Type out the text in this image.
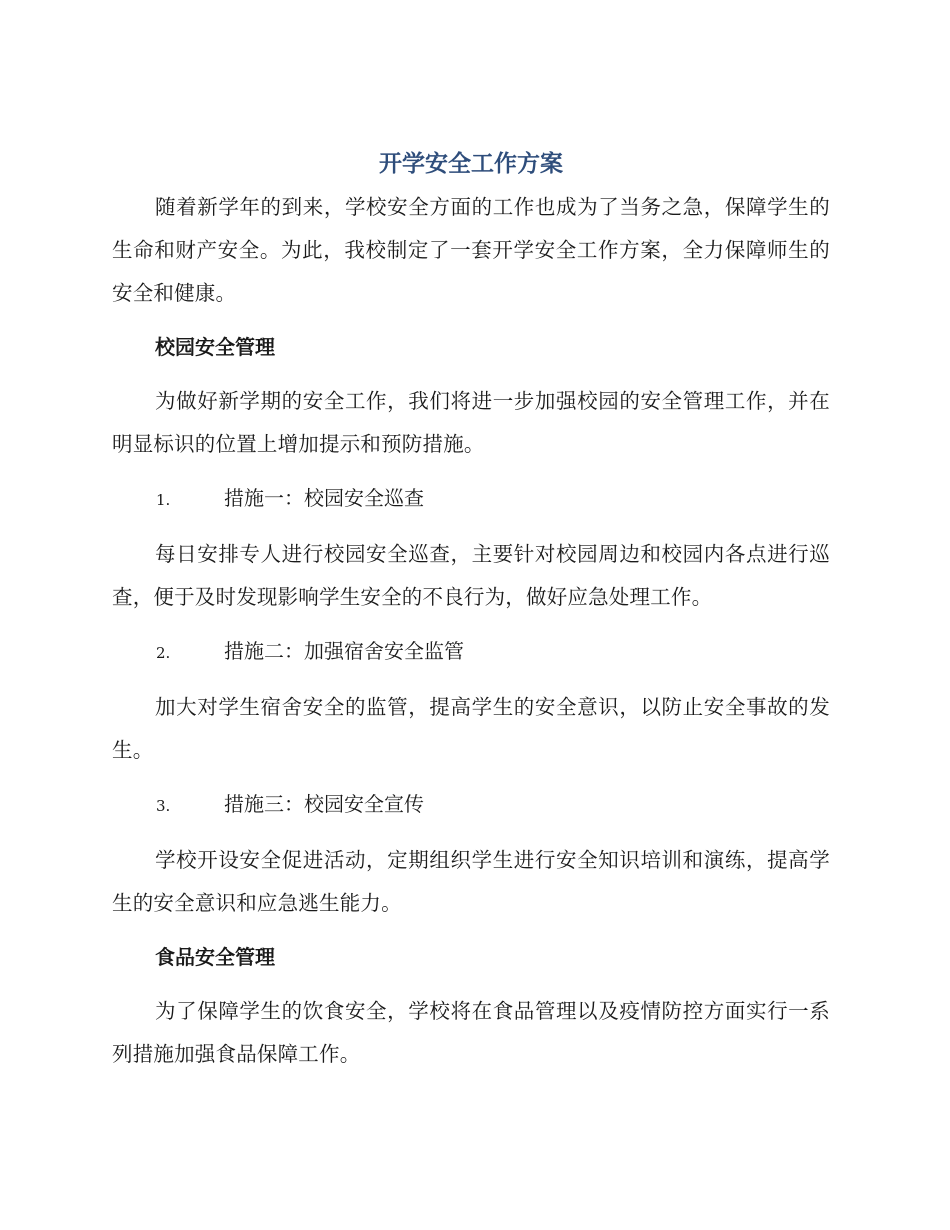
开学安全工作方案

随着新学年的到来，学校安全方面的工作也成为了当务之急，保障学生的生命和财产安全。为此，我校制定了一套开学安全工作方案，全力保障师生的安全和健康。

校园安全管理

为做好新学期的安全工作，我们将进一步加强校园的安全管理工作，并在明显标识的位置上增加提示和预防措施。

1.	措施一：校园安全巡查

每日安排专人进行校园安全巡查，主要针对校园周边和校园内各点进行巡查，便于及时发现影响学生安全的不良行为，做好应急处理工作。

2.	措施二：加强宿舍安全监管

加大对学生宿舍安全的监管，提高学生的安全意识，以防止安全事故的发生。

3.	措施三：校园安全宣传

学校开设安全促进活动，定期组织学生进行安全知识培训和演练，提高学生的安全意识和应急逃生能力。

食品安全管理

为了保障学生的饮食安全，学校将在食品管理以及疫情防控方面实行一系列措施加强食品保障工作。
